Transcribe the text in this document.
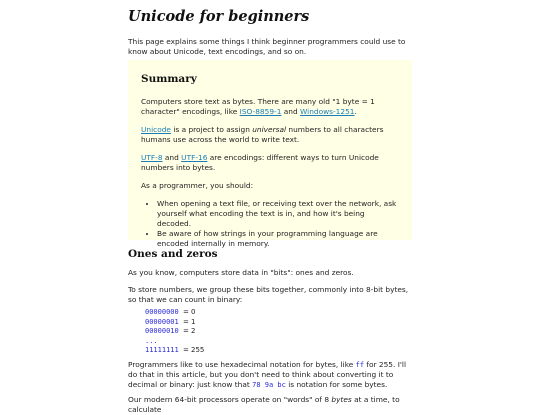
Unicode for beginners

This page explains some things I think beginner programmers could use to know about Unicode, text encodings, and so on.

Summary

Computers store text as bytes. There are many old "1 byte = 1 character" encodings, like ISO-8859-1 and Windows-1251.

Unicode is a project to assign universal numbers to all characters humans use across the world to write text.

UTF-8 and UTF-16 are encodings: different ways to turn Unicode numbers into bytes.

As a programmer, you should:

• When opening a text file, or receiving text over the network, ask yourself what encoding the text is in, and how it's being decoded.
• Be aware of how strings in your programming language are encoded internally in memory.
Ones and zeros

As you know, computers store data in "bits": ones and zeros.

To store numbers, we group these bits together, commonly into 8-bit bytes, so that we can count in binary:

00000000 = 0
00000001 = 1
00000010 = 2
...
11111111 = 255

Programmers like to use hexadecimal notation for bytes, like ff for 255. I'll do that in this article, but you don't need to think about converting it to decimal or binary: just know that 78 9a bc is notation for some bytes.

Our modern 64-bit processors operate on "words" of 8 bytes at a time, to calculate
